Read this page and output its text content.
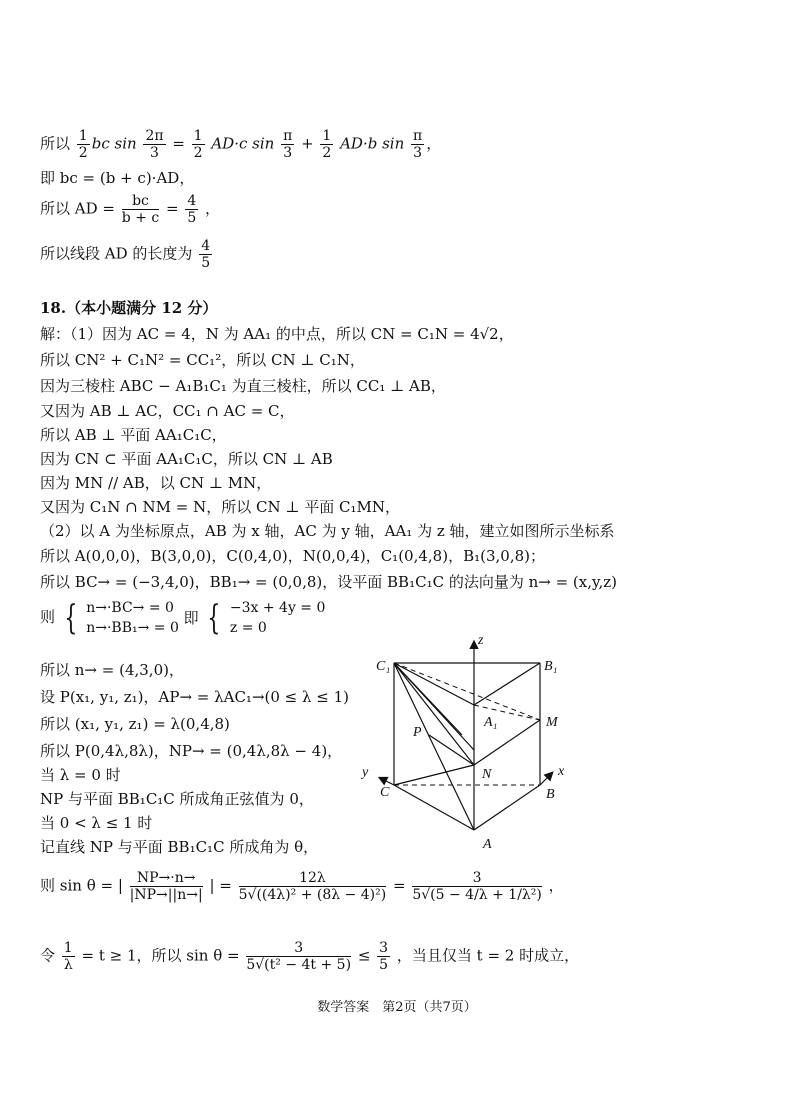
所以 $\frac{1}{2}$ bc $\sin \frac{2\pi}{3} = \frac{1}{2} AD\cdot c$ $\sin \frac{\pi}{3} + \frac{1}{2} AD\cdot b$ $\sin \frac{\pi}{3}$ ，
即 bc = (b + c)·AD，
所以 AD = $\frac{bc}{b + c} = \frac{4}{5}$ ，
所以线段 AD 的长度为 $\frac{4}{5}$
18.（本小题满分 12 分）
解：（1）因为 AC = 4，N 为 AA₁ 的中点，所以 CN = C₁N = 4√2，
所以 CN² + C₁N² = CC₁²，所以 CN ⊥ C₁N，
因为三棱柱 ABC − A₁B₁C₁ 为直三棱柱，所以 CC₁ ⊥ AB，
又因为 AB ⊥ AC，CC₁ ∩ AC = C，
所以 AB ⊥ 平面 AA₁C₁C，
因为 CN ⊂ 平面 AA₁C₁C，所以 CN ⊥ AB
因为 MN // AB，以 CN ⊥ MN，
又因为 C₁N ∩ NM = N，所以 CN ⊥ 平面 C₁MN，
（2）以 A 为坐标原点，AB 为 x 轴，AC 为 y 轴，AA₁ 为 z 轴，建立如图所示坐标系
所以 A(0,0,0)，B(3,0,0)，C(0,4,0)，N(0,0,4)，C₁(0,4,8)，B₁(3,0,8)；
所以 BC→ = (−3,4,0)，BB₁→ = (0,0,8)，设平面 BB₁C₁C 的法向量为 n→ = (x,y,z)
则 { n→·BC→ = 0
n→·BB₁→ = 0
即 { −3x + 4y = 0
z = 0
所以 n→ = (4,3,0)，
设 P(x₁, y₁, z₁)，AP→ = λAC₁→(0 ≤ λ ≤ 1)
所以 (x₁, y₁, z₁) = λ(0,4,8)
所以 P(0,4λ,8λ)，NP→ = (0,4λ,8λ − 4)，
当 λ = 0 时
NP 与平面 BB₁C₁C 所成角正弦值为 0，
当 0 < λ ≤ 1 时
记直线 NP 与平面 BB₁C₁C 所成角为 θ，
则 sin θ = | $\frac{NP\to\cdot n\to}{|NP\to||n\to|}$ | = $\frac{12\lambda}{\text{5√((4λ)² + (8λ − 4)²)}} = \frac{3}{\text{5√(5 − 4/λ + 1/λ²)}}$ ，
令 $\frac{1}{\lambda} = t \ge 1$，所以 $\sin \theta = \frac{3}{\text{5√(t² − 4t + 5)}} \le \frac{3}{5}$ ，当且仅当 t = 2 时成立，
C₁	B₁
A₁	M
P
N
C	B
A
x
y
z
数学答案　第2页（共7页）
